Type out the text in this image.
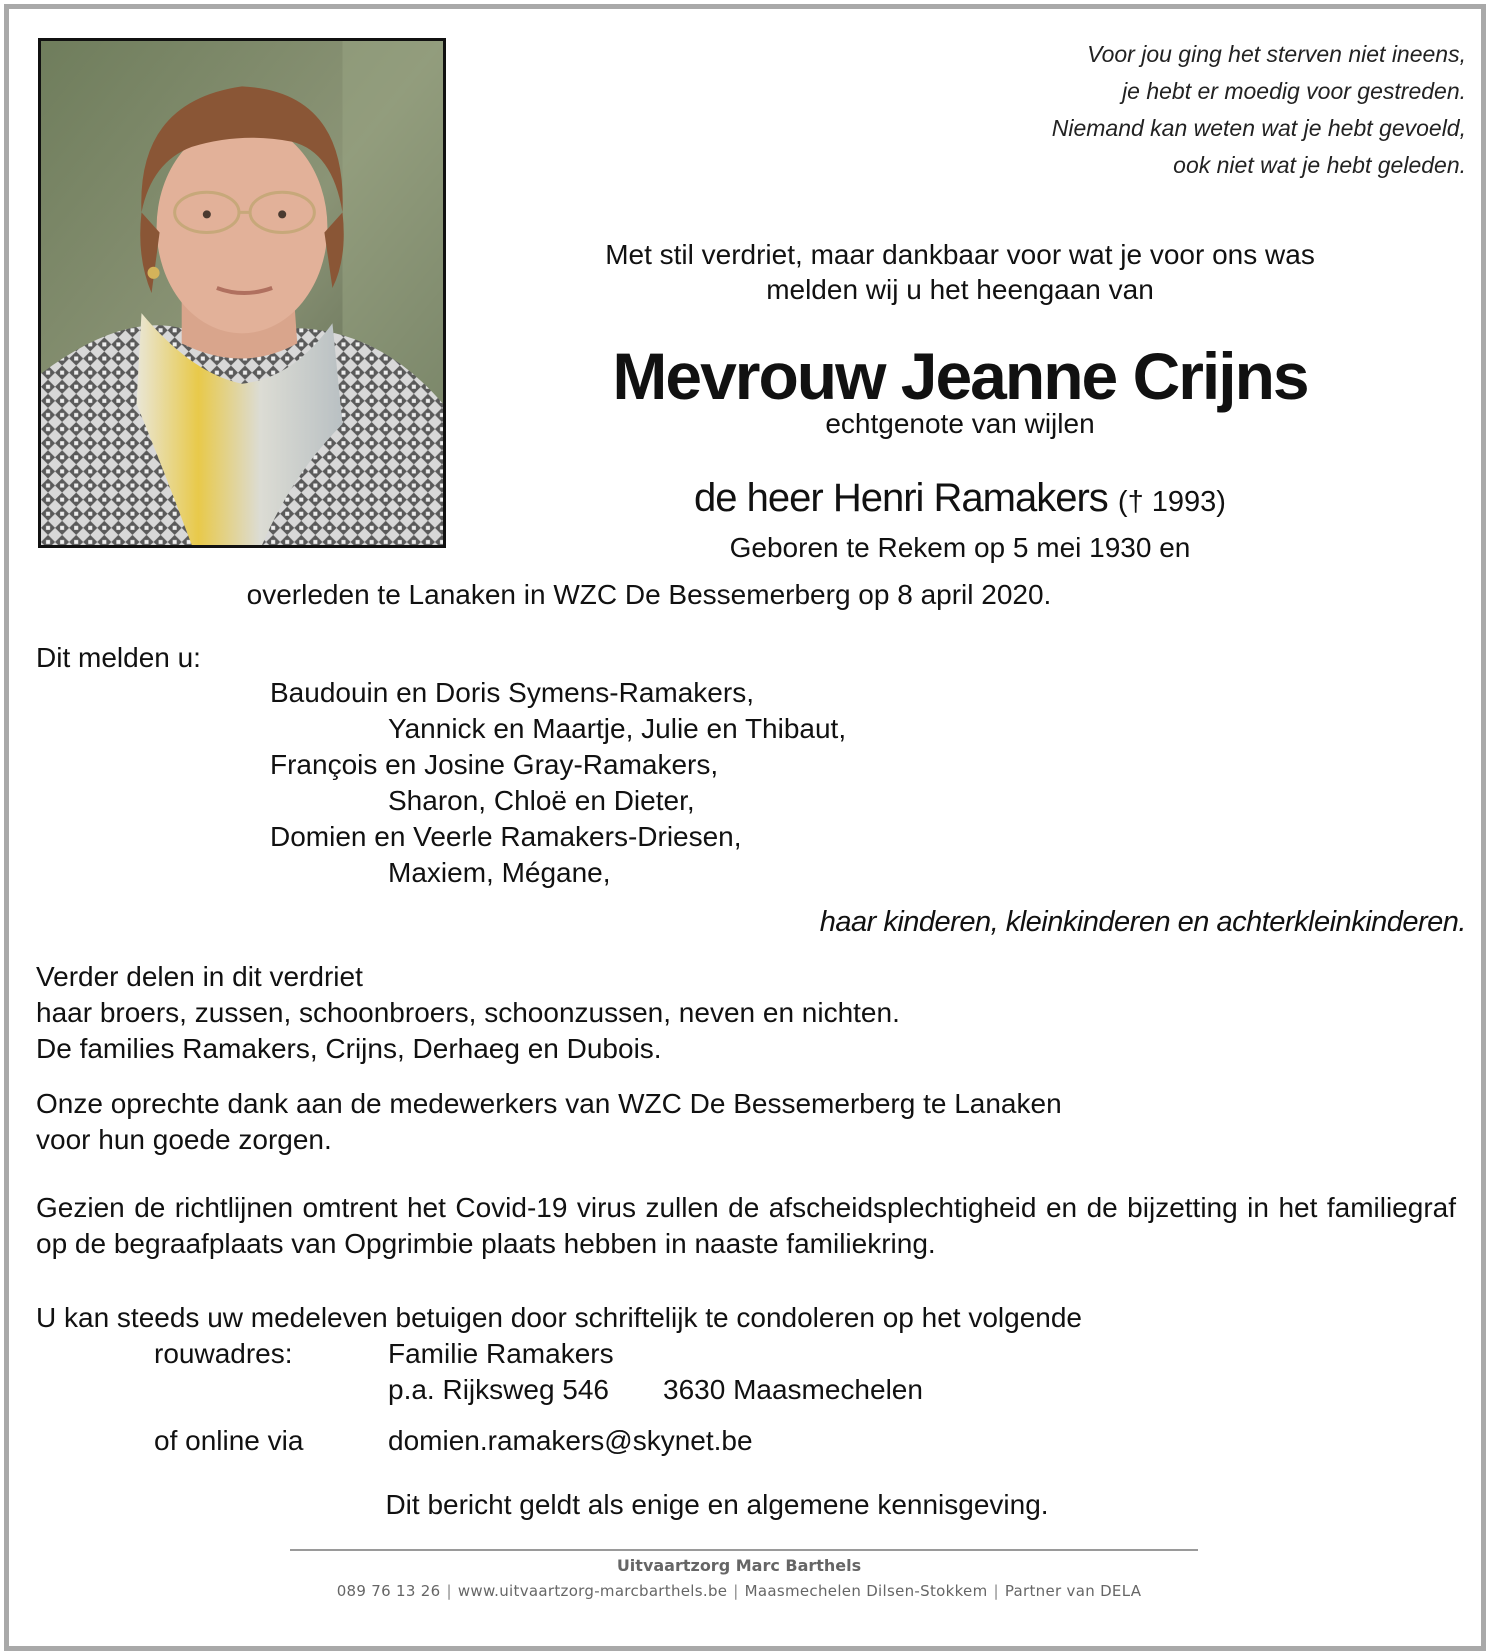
Voor jou ging het sterven niet ineens,
je hebt er moedig voor gestreden.
Niemand kan weten wat je hebt gevoeld,
ook niet wat je hebt geleden.
Met stil verdriet, maar dankbaar voor wat je voor ons was
melden wij u het heengaan van
Mevrouw Jeanne Crijns
echtgenote van wijlen
de heer Henri Ramakers († 1993)
Geboren te Rekem op 5 mei 1930 en
overleden te Lanaken in WZC De Bessemerberg op 8 april 2020.
Dit melden u:
Baudouin en Doris Symens-Ramakers,
Yannick en Maartje, Julie en Thibaut,
François en Josine Gray-Ramakers,
Sharon, Chloë en Dieter,
Domien en Veerle Ramakers-Driesen,
Maxiem, Mégane,
haar kinderen, kleinkinderen en achterkleinkinderen.
Verder delen in dit verdriet
haar broers, zussen, schoonbroers, schoonzussen, neven en nichten.
De families Ramakers, Crijns, Derhaeg en Dubois.
Onze oprechte dank aan de medewerkers van WZC De Bessemerberg te Lanaken
voor hun goede zorgen.
Gezien de richtlijnen omtrent het Covid-19 virus zullen de afscheidsplechtigheid en de bijzetting in het familiegraf op de begraafplaats van Opgrimbie plaats hebben in naaste familiekring.
U kan steeds uw medeleven betuigen door schriftelijk te condoleren op het volgende
rouwadres:	Familie Ramakers
p.a. Rijksweg 546 3630 Maasmechelen
of online via	domien.ramakers@skynet.be
Dit bericht geldt als enige en algemene kennisgeving.
Uitvaartzorg Marc Barthels
089 76 13 26 | www.uitvaartzorg-marcbarthels.be | Maasmechelen Dilsen-Stokkem | Partner van DELA
